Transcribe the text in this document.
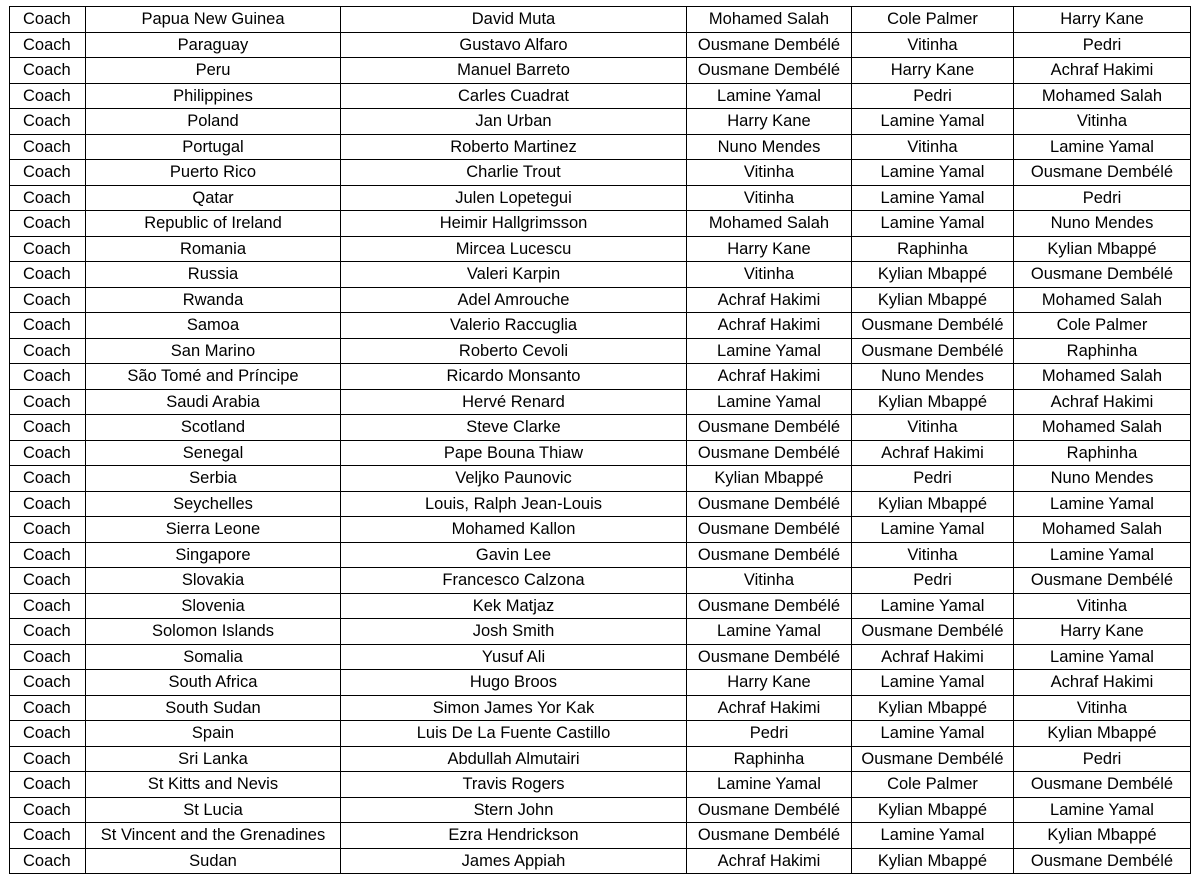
Coach	Papua New Guinea	David Muta	Mohamed Salah	Cole Palmer	Harry Kane
Coach	Paraguay	Gustavo Alfaro	Ousmane Dembélé	Vitinha	Pedri
Coach	Peru	Manuel Barreto	Ousmane Dembélé	Harry Kane	Achraf Hakimi
Coach	Philippines	Carles Cuadrat	Lamine Yamal	Pedri	Mohamed Salah
Coach	Poland	Jan Urban	Harry Kane	Lamine Yamal	Vitinha
Coach	Portugal	Roberto Martinez	Nuno Mendes	Vitinha	Lamine Yamal
Coach	Puerto Rico	Charlie Trout	Vitinha	Lamine Yamal	Ousmane Dembélé
Coach	Qatar	Julen Lopetegui	Vitinha	Lamine Yamal	Pedri
Coach	Republic of Ireland	Heimir Hallgrimsson	Mohamed Salah	Lamine Yamal	Nuno Mendes
Coach	Romania	Mircea Lucescu	Harry Kane	Raphinha	Kylian Mbappé
Coach	Russia	Valeri Karpin	Vitinha	Kylian Mbappé	Ousmane Dembélé
Coach	Rwanda	Adel Amrouche	Achraf Hakimi	Kylian Mbappé	Mohamed Salah
Coach	Samoa	Valerio Raccuglia	Achraf Hakimi	Ousmane Dembélé	Cole Palmer
Coach	San Marino	Roberto Cevoli	Lamine Yamal	Ousmane Dembélé	Raphinha
Coach	São Tomé and Príncipe	Ricardo Monsanto	Achraf Hakimi	Nuno Mendes	Mohamed Salah
Coach	Saudi Arabia	Hervé Renard	Lamine Yamal	Kylian Mbappé	Achraf Hakimi
Coach	Scotland	Steve Clarke	Ousmane Dembélé	Vitinha	Mohamed Salah
Coach	Senegal	Pape Bouna Thiaw	Ousmane Dembélé	Achraf Hakimi	Raphinha
Coach	Serbia	Veljko Paunovic	Kylian Mbappé	Pedri	Nuno Mendes
Coach	Seychelles	Louis, Ralph Jean-Louis	Ousmane Dembélé	Kylian Mbappé	Lamine Yamal
Coach	Sierra Leone	Mohamed Kallon	Ousmane Dembélé	Lamine Yamal	Mohamed Salah
Coach	Singapore	Gavin Lee	Ousmane Dembélé	Vitinha	Lamine Yamal
Coach	Slovakia	Francesco Calzona	Vitinha	Pedri	Ousmane Dembélé
Coach	Slovenia	Kek Matjaz	Ousmane Dembélé	Lamine Yamal	Vitinha
Coach	Solomon Islands	Josh Smith	Lamine Yamal	Ousmane Dembélé	Harry Kane
Coach	Somalia	Yusuf Ali	Ousmane Dembélé	Achraf Hakimi	Lamine Yamal
Coach	South Africa	Hugo Broos	Harry Kane	Lamine Yamal	Achraf Hakimi
Coach	South Sudan	Simon James Yor Kak	Achraf Hakimi	Kylian Mbappé	Vitinha
Coach	Spain	Luis De La Fuente Castillo	Pedri	Lamine Yamal	Kylian Mbappé
Coach	Sri Lanka	Abdullah Almutairi	Raphinha	Ousmane Dembélé	Pedri
Coach	St Kitts and Nevis	Travis Rogers	Lamine Yamal	Cole Palmer	Ousmane Dembélé
Coach	St Lucia	Stern John	Ousmane Dembélé	Kylian Mbappé	Lamine Yamal
Coach	St Vincent and the Grenadines	Ezra Hendrickson	Ousmane Dembélé	Lamine Yamal	Kylian Mbappé
Coach	Sudan	James Appiah	Achraf Hakimi	Kylian Mbappé	Ousmane Dembélé
